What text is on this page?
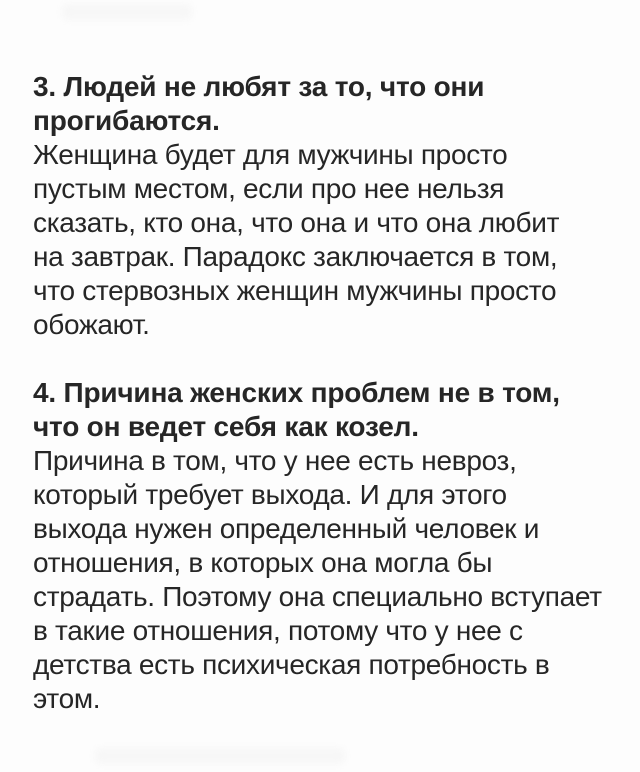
3. Людей не любят за то, что они
прогибаются.
Женщина будет для мужчины просто
пустым местом, если про нее нельзя
сказать, кто она, что она и что она любит
на завтрак. Парадокс заключается в том,
что стервозных женщин мужчины просто
обожают.
4. Причина женских проблем не в том,
что он ведет себя как козел.
Причина в том, что у нее есть невроз,
который требует выхода. И для этого
выхода нужен определенный человек и
отношения, в которых она могла бы
страдать. Поэтому она специально вступает
в такие отношения, потому что у нее с
детства есть психическая потребность в
этом.
